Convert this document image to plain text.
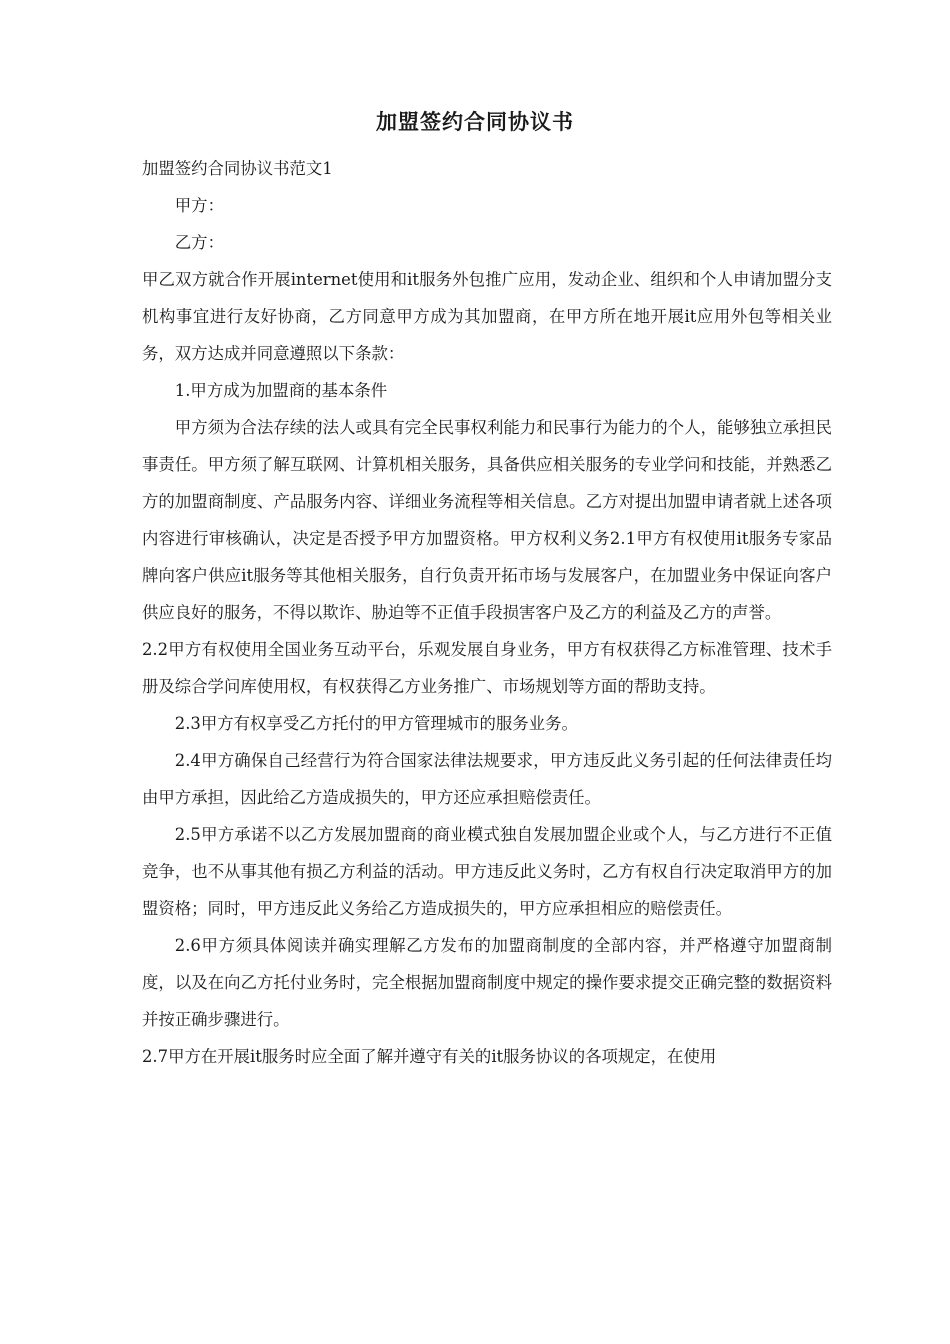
加盟签约合同协议书

加盟签约合同协议书范文1

甲方：

乙方：

甲乙双方就合作开展internet使用和it服务外包推广应用，发动企业、组织和个人申请加盟分支机构事宜进行友好协商，乙方同意甲方成为其加盟商，在甲方所在地开展it应用外包等相关业务，双方达成并同意遵照以下条款：

1.甲方成为加盟商的基本条件

甲方须为合法存续的法人或具有完全民事权利能力和民事行为能力的个人，能够独立承担民事责任。甲方须了解互联网、计算机相关服务，具备供应相关服务的专业学问和技能，并熟悉乙方的加盟商制度、产品服务内容、详细业务流程等相关信息。乙方对提出加盟申请者就上述各项内容进行审核确认，决定是否授予甲方加盟资格。甲方权利义务2.1甲方有权使用it服务专家品牌向客户供应it服务等其他相关服务，自行负责开拓市场与发展客户，在加盟业务中保证向客户供应良好的服务，不得以欺诈、胁迫等不正值手段损害客户及乙方的利益及乙方的声誉。

2.2甲方有权使用全国业务互动平台，乐观发展自身业务，甲方有权获得乙方标准管理、技术手册及综合学问库使用权，有权获得乙方业务推广、市场规划等方面的帮助支持。

2.3甲方有权享受乙方托付的甲方管理城市的服务业务。

2.4甲方确保自己经营行为符合国家法律法规要求，甲方违反此义务引起的任何法律责任均由甲方承担，因此给乙方造成损失的，甲方还应承担赔偿责任。

2.5甲方承诺不以乙方发展加盟商的商业模式独自发展加盟企业或个人，与乙方进行不正值竞争，也不从事其他有损乙方利益的活动。甲方违反此义务时，乙方有权自行决定取消甲方的加盟资格；同时，甲方违反此义务给乙方造成损失的，甲方应承担相应的赔偿责任。

2.6甲方须具体阅读并确实理解乙方发布的加盟商制度的全部内容，并严格遵守加盟商制度，以及在向乙方托付业务时，完全根据加盟商制度中规定的操作要求提交正确完整的数据资料并按正确步骤进行。

2.7甲方在开展it服务时应全面了解并遵守有关的it服务协议的各项规定，在使用
